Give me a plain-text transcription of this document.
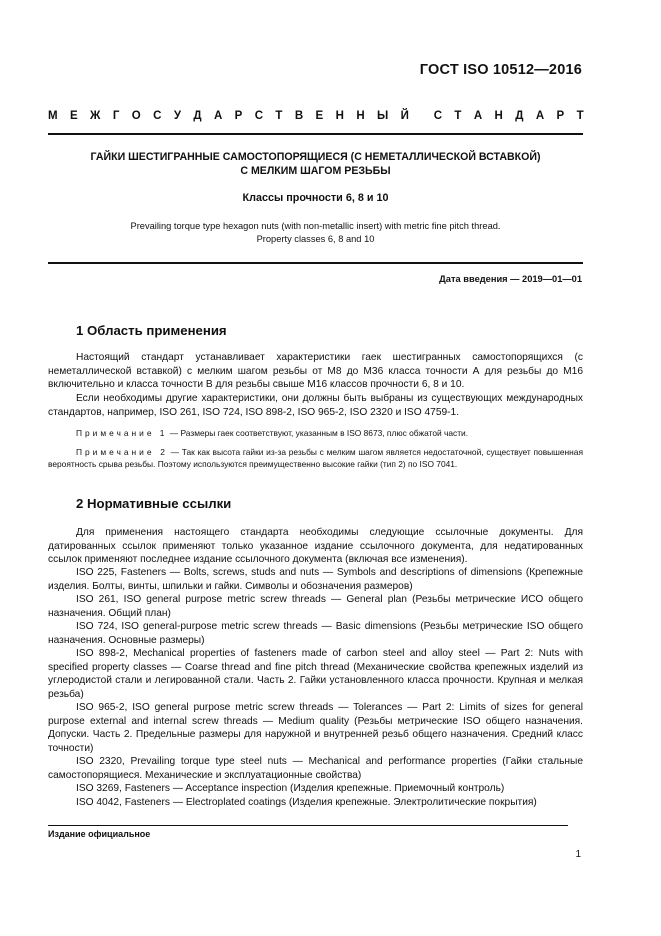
ГОСТ ISO 10512—2016
М Е Ж Г О С У Д А Р С Т В Е Н Н Ы Й С Т А Н Д А Р Т
ГАЙКИ ШЕСТИГРАННЫЕ САМОСТОПОРЯЩИЕСЯ (С НЕМЕТАЛЛИЧЕСКОЙ ВСТАВКОЙ)
С МЕЛКИМ ШАГОМ РЕЗЬБЫ
Классы прочности 6, 8 и 10
Prevailing torque type hexagon nuts (with non-metallic insert) with metric fine pitch thread.
Property classes 6, 8 and 10
Дата введения — 2019—01—01
1 Область применения
Настоящий стандарт устанавливает характеристики гаек шестигранных самостопорящихся (с неметаллической вставкой) с мелким шагом резьбы от М8 до М36 класса точности А для резьбы до М16 включительно и класса точности В для резьбы свыше М16 классов прочности 6, 8 и 10.
Если необходимы другие характеристики, они должны быть выбраны из существующих международных стандартов, например, ISO 261, ISO 724, ISO 898-2, ISO 965-2, ISO 2320 и ISO 4759-1.
Примечание 1 — Размеры гаек соответствуют, указанным в ISO 8673, плюс обжатой части.
Примечание 2 — Так как высота гайки из-за резьбы с мелким шагом является недостаточной, существует повышенная вероятность срыва резьбы. Поэтому используются преимущественно высокие гайки (тип 2) по ISO 7041.
2 Нормативные ссылки
Для применения настоящего стандарта необходимы следующие ссылочные документы. Для датированных ссылок применяют только указанное издание ссылочного документа, для недатированных ссылок применяют последнее издание ссылочного документа (включая все изменения).
ISO 225, Fasteners — Bolts, screws, studs and nuts — Symbols and descriptions of dimensions (Крепежные изделия. Болты, винты, шпильки и гайки. Символы и обозначения размеров)
ISO 261, ISO general purpose metric screw threads — General plan (Резьбы метрические ИСО общего назначения. Общий план)
ISO 724, ISO general-purpose metric screw threads — Basic dimensions (Резьбы метрические ISO общего назначения. Основные размеры)
ISO 898-2, Mechanical properties of fasteners made of carbon steel and alloy steel — Part 2: Nuts with specified property classes — Coarse thread and fine pitch thread (Механические свойства крепежных изделий из углеродистой стали и легированной стали. Часть 2. Гайки установленного класса прочности. Крупная и мелкая резьба)
ISO 965-2, ISO general purpose metric screw threads — Tolerances — Part 2: Limits of sizes for general purpose external and internal screw threads — Medium quality (Резьбы метрические ISO общего назначения. Допуски. Часть 2. Предельные размеры для наружной и внутренней резьб общего назначения. Средний класс точности)
ISO 2320, Prevailing torque type steel nuts — Mechanical and performance properties (Гайки стальные самостопорящиеся. Механические и эксплуатационные свойства)
ISO 3269, Fasteners — Acceptance inspection (Изделия крепежные. Приемочный контроль)
ISO 4042, Fasteners — Electroplated coatings (Изделия крепежные. Электролитические покрытия)
Издание официальное
1
